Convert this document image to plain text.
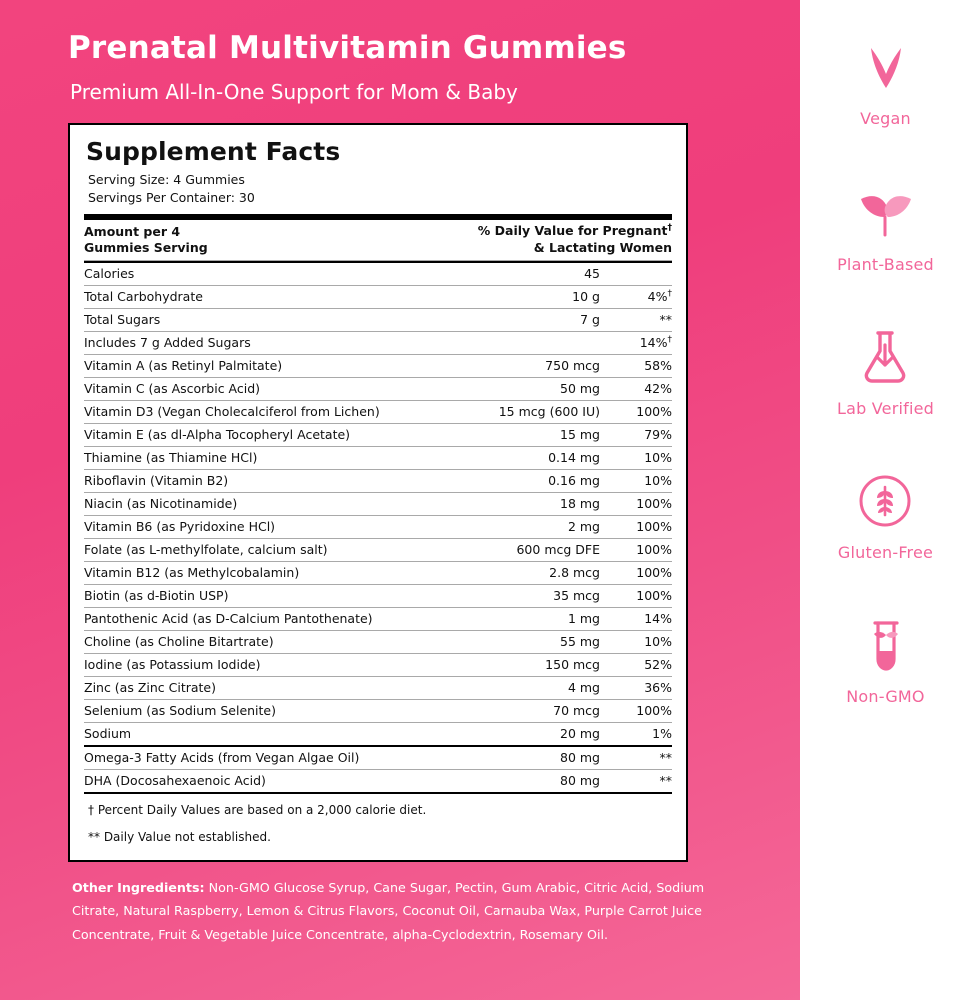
Prenatal Multivitamin Gummies
Premium All-In-One Support for Mom & Baby
Supplement Facts
Serving Size: 4 Gummies
Servings Per Container: 30
Amount per 4
Gummies Serving	% Daily Value for Pregnant†
& Lactating Women
Calories	45	
Total Carbohydrate	10 g	4%†
Total Sugars	7 g	**
Includes 7 g Added Sugars		14%†
Vitamin A (as Retinyl Palmitate)	750 mcg	58%
Vitamin C (as Ascorbic Acid)	50 mg	42%
Vitamin D3 (Vegan Cholecalciferol from Lichen)	15 mcg (600 IU)	100%
Vitamin E (as dl-Alpha Tocopheryl Acetate)	15 mg	79%
Thiamine (as Thiamine HCl)	0.14 mg	10%
Riboflavin (Vitamin B2)	0.16 mg	10%
Niacin (as Nicotinamide)	18 mg	100%
Vitamin B6 (as Pyridoxine HCl)	2 mg	100%
Folate (as L-methylfolate, calcium salt)	600 mcg DFE	100%
Vitamin B12 (as Methylcobalamin)	2.8 mcg	100%
Biotin (as d-Biotin USP)	35 mcg	100%
Pantothenic Acid (as D-Calcium Pantothenate)	1 mg	14%
Choline (as Choline Bitartrate)	55 mg	10%
Iodine (as Potassium Iodide)	150 mcg	52%
Zinc (as Zinc Citrate)	4 mg	36%
Selenium (as Sodium Selenite)	70 mcg	100%
Sodium	20 mg	1%
Omega-3 Fatty Acids (from Vegan Algae Oil)	80 mg	**
DHA (Docosahexaenoic Acid)	80 mg	**
† Percent Daily Values are based on a 2,000 calorie diet.
** Daily Value not established.
Other Ingredients: Non-GMO Glucose Syrup, Cane Sugar, Pectin, Gum Arabic, Citric Acid, Sodium Citrate, Natural Raspberry, Lemon & Citrus Flavors, Coconut Oil, Carnauba Wax, Purple Carrot Juice Concentrate, Fruit & Vegetable Juice Concentrate, alpha-Cyclodextrin, Rosemary Oil.
Vegan
Plant-Based
Lab Verified
Gluten-Free
Non-GMO
